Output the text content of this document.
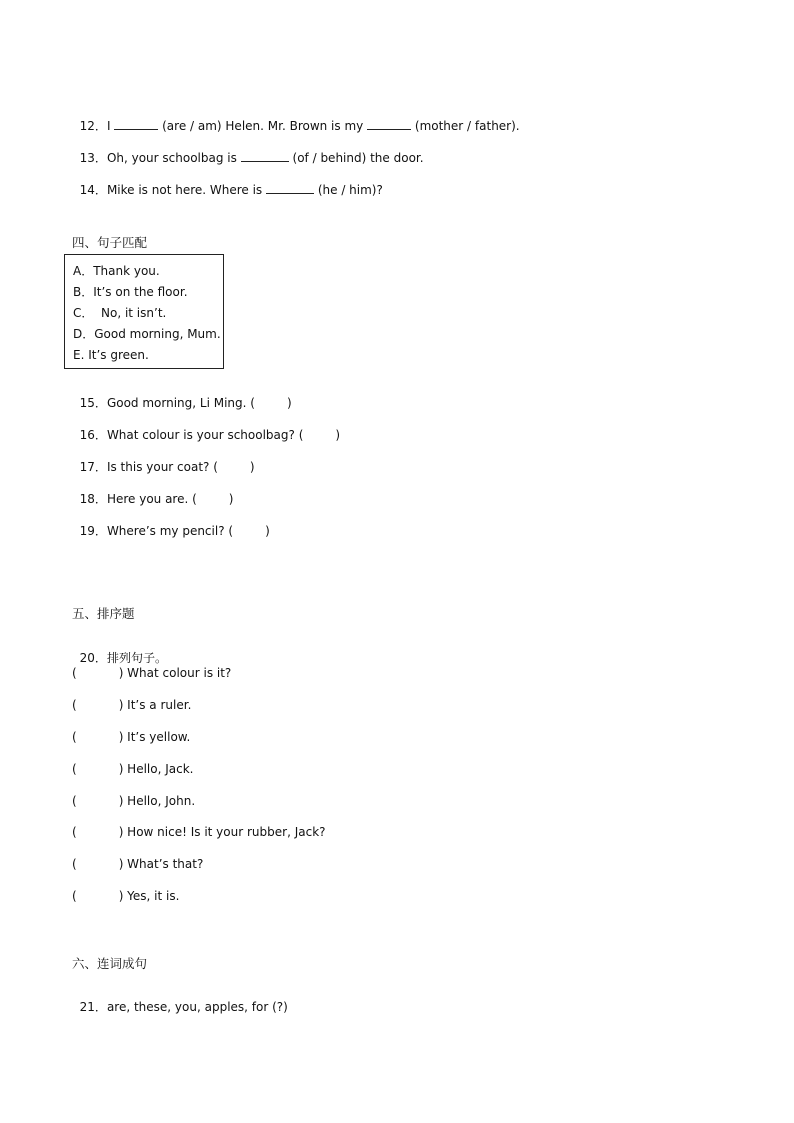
12．I	(are / am) Helen. Mr. Brown is my	(mother / father).

13．Oh, your schoolbag is	(of / behind) the door.

14．Mike is not here. Where is	(he / him)?

四、句子匹配
A．Thank you.
B．It’s on the floor.
C．  No, it isn’t.
D．Good morning, Mum.
E. It’s green.

15．Good morning, Li Ming. (	)

16．What colour is your schoolbag? (	)

17．Is this your coat? (	)

18．Here you are. (	)

19．Where’s my pencil? (	)

五、排序题

20．排列句子。

(	) What colour is it?
(	) It’s a ruler.
(	) It’s yellow.
(	) Hello, Jack.
(	) Hello, John.
(	) How nice! Is it your rubber, Jack?
(	) What’s that?
(	) Yes, it is.
六、连词成句

21．are, these, you, apples, for (?)
